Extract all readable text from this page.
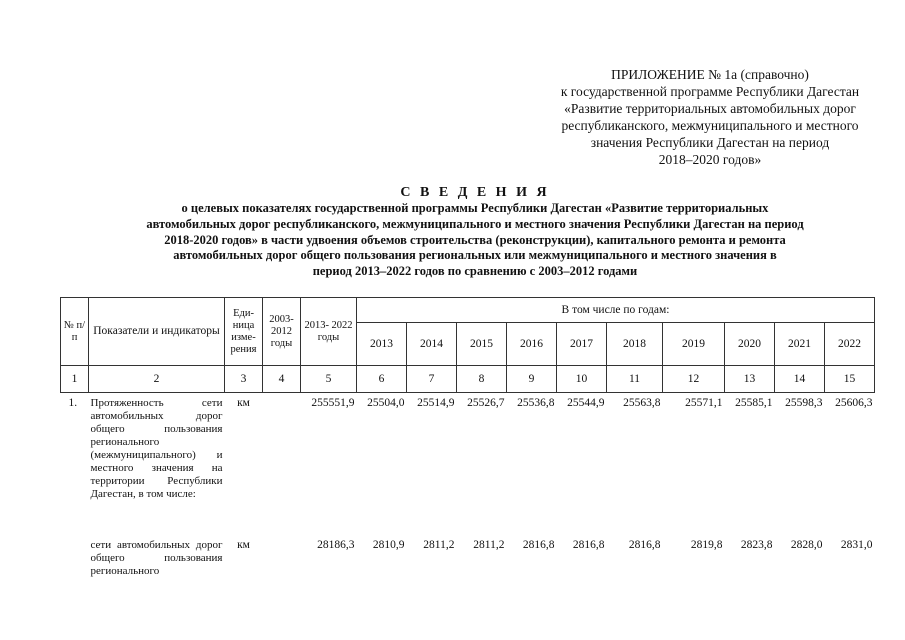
ПРИЛОЖЕНИЕ № 1а (справочно)
к государственной программе Республики Дагестан
«Развитие территориальных автомобильных дорог
республиканского, межмуниципального и местного
значения Республики Дагестан на период
2018–2020 годов»
С В Е Д Е Н И Я
о целевых показателях государственной программы Республики Дагестан «Развитие территориальных
автомобильных дорог республиканского, межмуниципального и местного значения Республики Дагестан на период
2018-2020 годов» в части удвоения объемов строительства (реконструкции), капитального ремонта и ремонта
автомобильных дорог общего пользования региональных или межмуниципального и местного значения в
период 2013–2022 годов по сравнению с 2003–2012 годами
№ п/ п	Показатели и индикаторы	Еди- ница изме- рения	2003- 2012 годы	2013- 2022 годы	В том числе по годам:									
					2013	2014	2015	2016	2017	2018	2019	2020	2021	2022
1	2	3	4	5	6	7	8	9	10	11	12	13	14	15
1.	Протяженность сети автомобильных дорог общего пользования регионального (межмуниципального) и местного значения на территории Республики Дагестан, в том числе:	км		255551,9	25504,0	25514,9	25526,7	25536,8	25544,9	25563,8	25571,1	25585,1	25598,3	25606,3
	сети автомобильных дорог общего пользования регионального	км		28186,3	2810,9	2811,2	2811,2	2816,8	2816,8	2816,8	2819,8	2823,8	2828,0	2831,0
